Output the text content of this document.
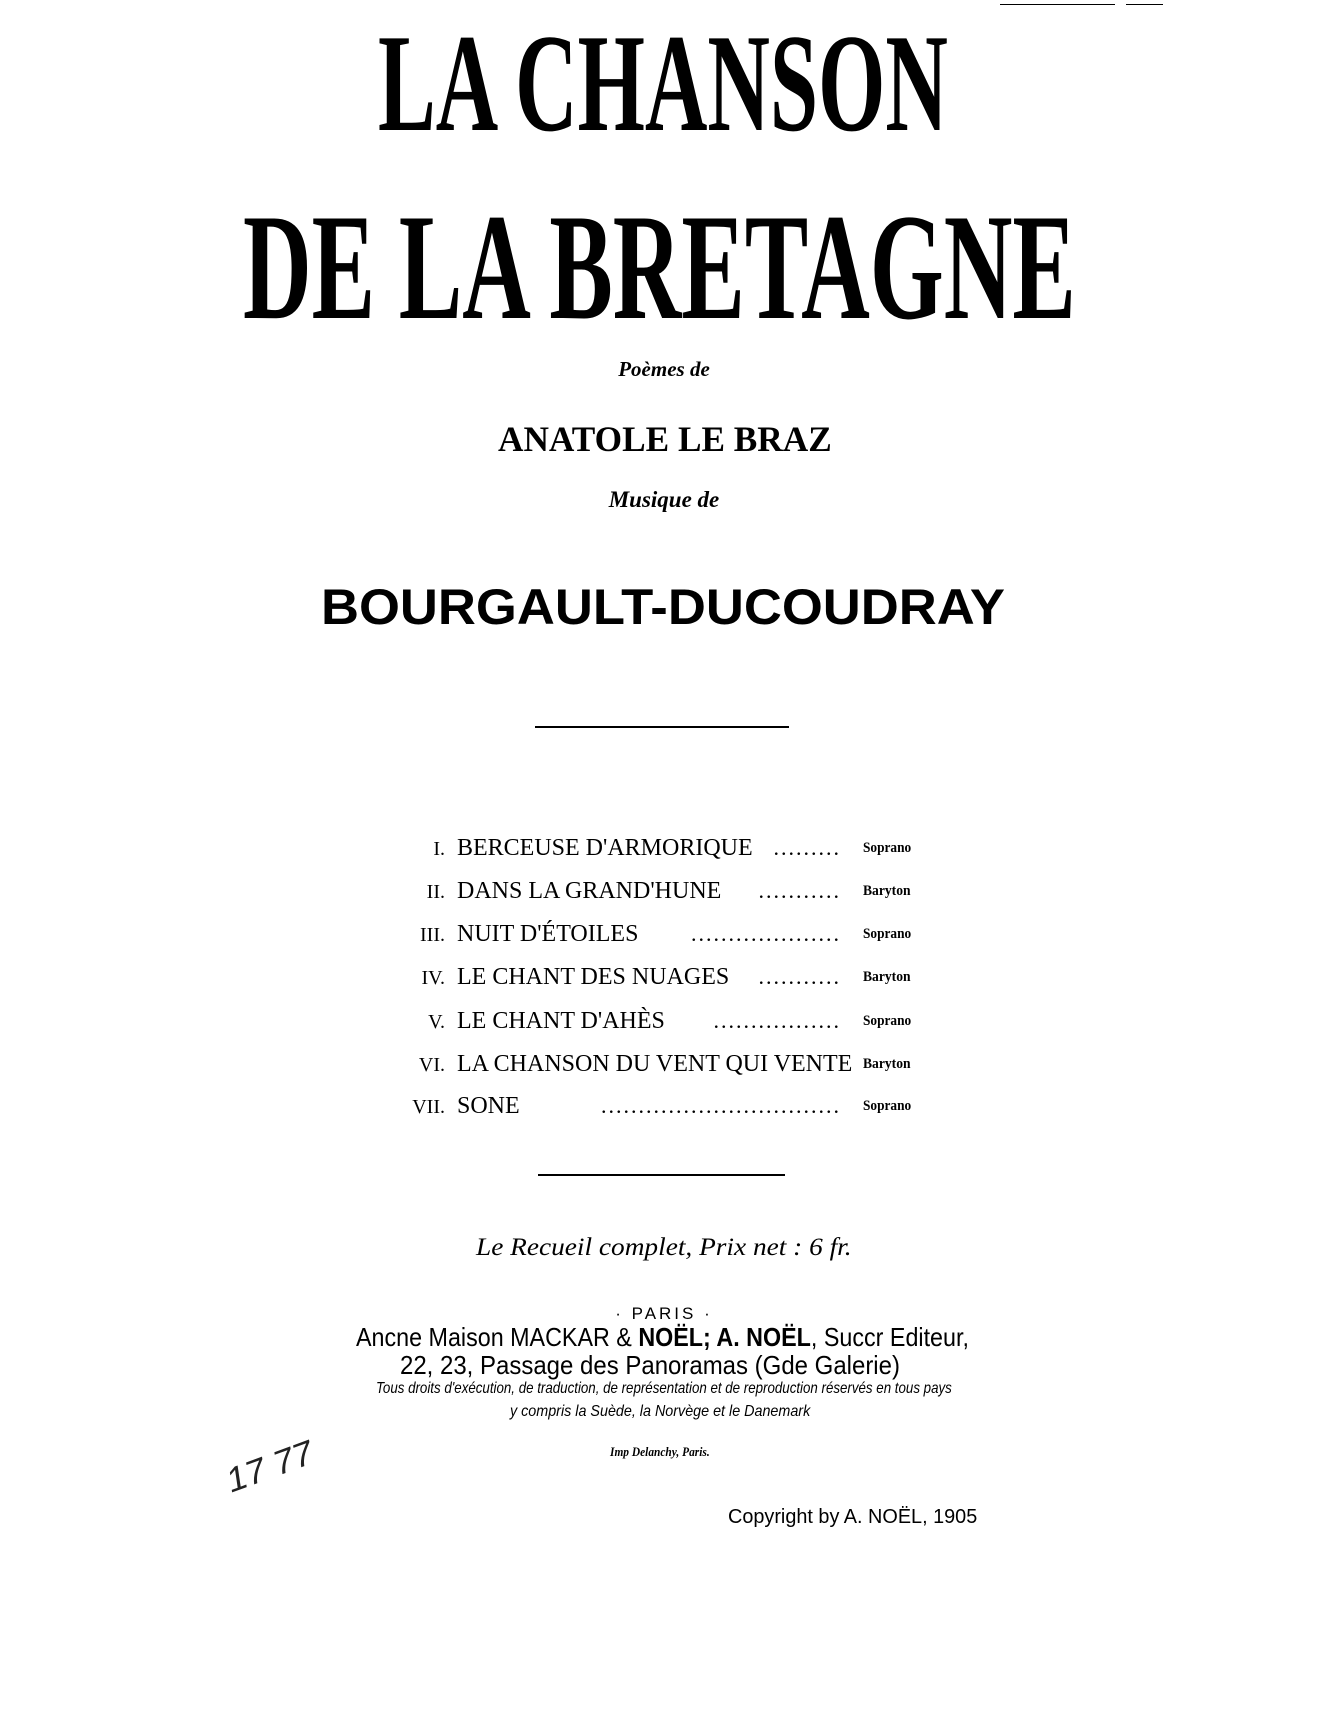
LA CHANSON
DE LA BRETAGNE
Poèmes de
ANATOLE LE BRAZ
Musique de
BOURGAULT-DUCOUDRAY
I. BERCEUSE D'ARMORIQUE ......... Soprano
II. DANS LA GRAND'HUNE ........... Baryton
III. NUIT D'ÉTOILES .................... Soprano
IV. LE CHANT DES NUAGES ........... Baryton
V. LE CHANT D'AHÈS ................. Soprano
VI. LA CHANSON DU VENT QUI VENTE Baryton
VII. SONE	................................ Soprano
Le Recueil complet, Prix net : 6 fr.
· PARIS ·
Ancne Maison MACKAR & NOËL; A. NOËL, Succr Editeur,
22, 23, Passage des Panoramas (Gde Galerie)
Tous droits d'exécution, de traduction, de représentation et de reproduction réservés en tous pays
y compris la Suède, la Norvège et le Danemark
Imp Delanchy, Paris.
17 77
Copyright by A. NOËL, 1905
